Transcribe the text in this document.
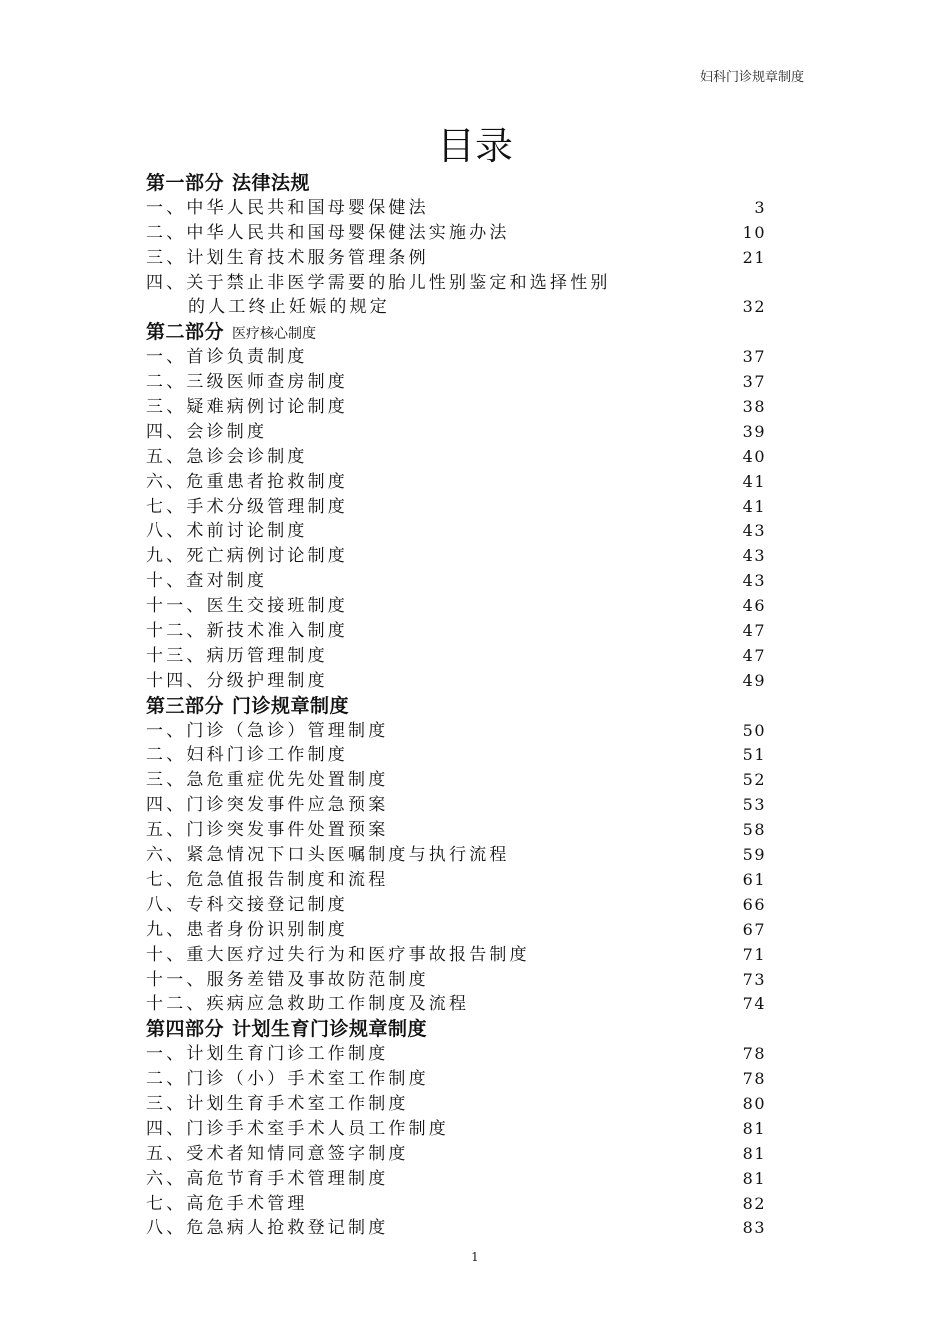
妇科门诊规章制度
目录
第一部分 法律法规
一、中华人民共和国母婴保健法	3
二、中华人民共和国母婴保健法实施办法	10
三、计划生育技术服务管理条例	21
四、关于禁止非医学需要的胎儿性别鉴定和选择性别
的人工终止妊娠的规定	32
第二部分 医疗核心制度
一、首诊负责制度	37
二、三级医师查房制度	37
三、疑难病例讨论制度	38
四、会诊制度	39
五、急诊会诊制度	40
六、危重患者抢救制度	41
七、手术分级管理制度	41
八、术前讨论制度	43
九、死亡病例讨论制度	43
十、查对制度	43
十一、医生交接班制度	46
十二、新技术准入制度	47
十三、病历管理制度	47
十四、分级护理制度	49
第三部分 门诊规章制度
一、门诊（急诊）管理制度	50
二、妇科门诊工作制度	51
三、急危重症优先处置制度	52
四、门诊突发事件应急预案	53
五、门诊突发事件处置预案	58
六、紧急情况下口头医嘱制度与执行流程	59
七、危急值报告制度和流程	61
八、专科交接登记制度	66
九、患者身份识别制度	67
十、重大医疗过失行为和医疗事故报告制度	71
十一、服务差错及事故防范制度	73
十二、疾病应急救助工作制度及流程	74
第四部分 计划生育门诊规章制度
一、计划生育门诊工作制度	78
二、门诊（小）手术室工作制度	78
三、计划生育手术室工作制度	80
四、门诊手术室手术人员工作制度	81
五、受术者知情同意签字制度	81
六、高危节育手术管理制度	81
七、高危手术管理	82
八、危急病人抢救登记制度	83
1
